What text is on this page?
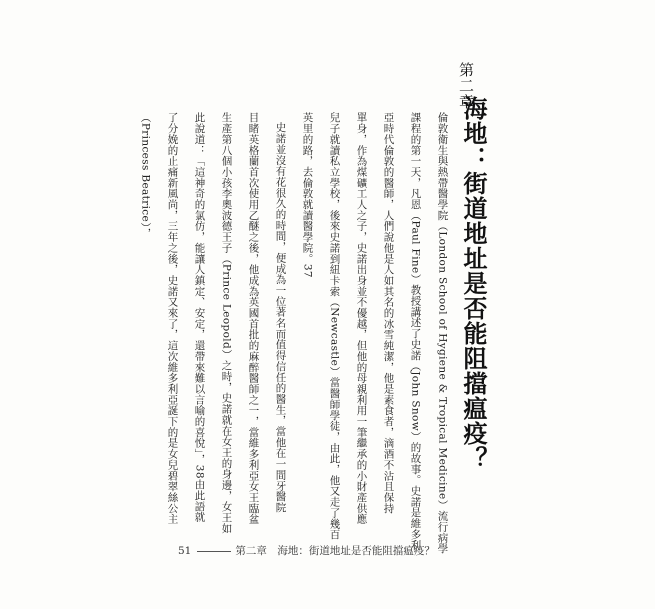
第二章
海地：街道地址是否能阻擋瘟疫？
倫敦衛生與熱帶醫學院（London School of Hygiene & Tropical Medicine）流行病學
課程的第一天，凡恩（Paul Fine）教授講述了史諾（John Snow）的故事。史諾是維多利
亞時代倫敦的醫師，人們說他是人如其名的冰雪純潔，他是素食者，滴酒不沾且保持
單身，作為煤礦工人之子，史諾出身並不優越，但他的母親利用一筆繼承的小財產供應
兒子就讀私立學校，後來史諾到紐卡索（Newcastle）當醫師學徒，由此，他又走了幾百
英里的路，去倫敦就讀醫學院。37
史諾並沒有花很久的時間，便成為一位著名而值得信任的醫生，當他在一間牙醫院
目睹英格蘭首次使用乙醚之後，他成為英國首批的麻醉醫師之一，當維多利亞女王臨盆
生產第八個小孩李奧波德王子（Prince Leopold）之時，史諾就在女王的身邊，女王如
此說道：「這神奇的氯仿，能讓人鎮定、安定，還帶來難以言喻的喜悅」，38由此語就
了分娩的止痛新風尚，三年之後，史諾又來了，這次維多利亞誕下的是女兒碧翠絲公主
（Princess Beatrice），
51	第二章　海地：街道地址是否能阻擋瘟疫？
